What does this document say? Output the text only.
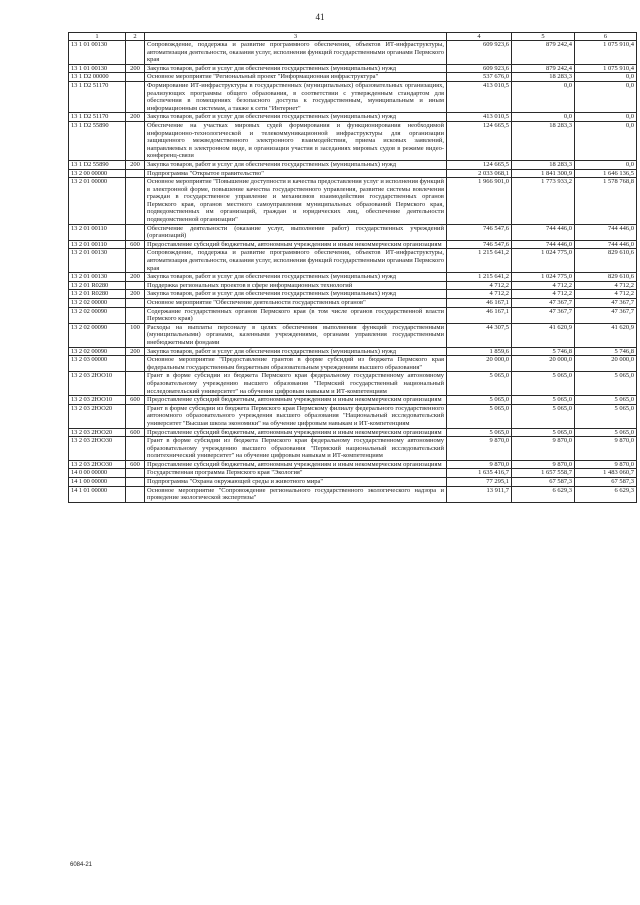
41
1	2	3	4	5	6
13 1 01 00130		Сопровождение, поддержка и развитие программного обеспечения, объектов ИТ-инфраструктуры, автоматизация деятельности, оказания услуг, исполнения функций государственными органами Пермского края	609 923,6	879 242,4	1 075 910,4
13 1 01 00130	200	Закупка товаров, работ и услуг для обеспечения государственных (муниципальных) нужд	609 923,6	879 242,4	1 075 910,4
13 1 D2 00000		Основное мероприятие "Региональный проект "Информационная инфраструктура"	537 676,0	18 283,3	0,0
13 1 D2 51170		Формирование ИТ-инфраструктуры в государственных (муниципальных) образовательных организациях, реализующих программы общего образования, в соответствии с утвержденным стандартом для обеспечения в помещениях безопасного доступа к государственным, муниципальным и иным информационным системам, а также к сети "Интернет"	413 010,5	0,0	0,0
13 1 D2 51170	200	Закупка товаров, работ и услуг для обеспечения государственных (муниципальных) нужд	413 010,5	0,0	0,0
13 1 D2 55890		Обеспечение на участках мировых судей формирования и функционирования необходимой информационно-технологической и телекоммуникационной инфраструктуры для организации защищенного межведомственного электронного взаимодействия, приема исковых заявлений, направляемых в электронном виде, и организации участия в заседаниях мировых судов в режиме видео-конференц-связи	124 665,5	18 283,3	0,0
13 1 D2 55890	200	Закупка товаров, работ и услуг для обеспечения государственных (муниципальных) нужд	124 665,5	18 283,3	0,0
13 2 00 00000		Подпрограмма "Открытое правительство"	2 033 068,1	1 841 300,9	1 646 136,5
13 2 01 00000		Основное мероприятие "Повышение доступности и качества предоставления услуг и исполнения функций в электронной форме, повышение качества государственного управления, развитие системы вовлечения граждан в государственное управление и механизмов взаимодействия государственных органов Пермского края, органов местного самоуправления муниципальных образований Пермского края, подведомственных им организаций, граждан и юридических лиц, обеспечение деятельности подведомственной организации"	1 966 901,0	1 773 933,2	1 578 768,8
13 2 01 00110		Обеспечение деятельности (оказание услуг, выполнение работ) государственных учреждений (организаций)	746 547,6	744 446,0	744 446,0
13 2 01 00110	600	Предоставление субсидий бюджетным, автономным учреждениям и иным некоммерческим организациям	746 547,6	744 446,0	744 446,0
13 2 01 00130		Сопровождение, поддержка и развитие программного обеспечения, объектов ИТ-инфраструктуры, автоматизация деятельности, оказания услуг, исполнения функций государственными органами Пермского края	1 215 641,2	1 024 775,0	829 610,6
13 2 01 00130	200	Закупка товаров, работ и услуг для обеспечения государственных (муниципальных) нужд	1 215 641,2	1 024 775,0	829 610,6
13 2 01 R0280		Поддержка региональных проектов в сфере информационных технологий	4 712,2	4 712,2	4 712,2
13 2 01 R0280	200	Закупка товаров, работ и услуг для обеспечения государственных (муниципальных) нужд	4 712,2	4 712,2	4 712,2
13 2 02 00000		Основное мероприятие "Обеспечение деятельности государственных органов"	46 167,1	47 367,7	47 367,7
13 2 02 00090		Содержание государственных органов Пермского края (в том числе органов государственной власти Пермского края)	46 167,1	47 367,7	47 367,7
13 2 02 00090	100	Расходы на выплаты персоналу в целях обеспечения выполнения функций государственными (муниципальными) органами, казенными учреждениями, органами управления государственными внебюджетными фондами	44 307,5	41 620,9	41 620,9
13 2 02 00090	200	Закупка товаров, работ и услуг для обеспечения государственных (муниципальных) нужд	1 859,6	5 746,8	5 746,8
13 2 03 00000		Основное мероприятие "Предоставление грантов в форме субсидий из бюджета Пермского края федеральным государственным бюджетным образовательным учреждениям высшего образования"	20 000,0	20 000,0	20 000,0
13 2 03 2ЮО10		Грант в форме субсидии из бюджета Пермского края федеральному государственному автономному образовательному учреждению высшего образования "Пермский государственный национальный исследовательский университет" на обучение цифровым навыкам и ИТ-компетенциям	5 065,0	5 065,0	5 065,0
13 2 03 2ЮО10	600	Предоставление субсидий бюджетным, автономным учреждениям и иным некоммерческим организациям	5 065,0	5 065,0	5 065,0
13 2 03 2ЮО20		Грант в форме субсидии из бюджета Пермского края Пермскому филиалу федерального государственного автономного образовательного учреждения высшего образования "Национальный исследовательский университет "Высшая школа экономики" на обучение цифровым навыкам и ИТ-компетенциям	5 065,0	5 065,0	5 065,0
13 2 03 2ЮО20	600	Предоставление субсидий бюджетным, автономным учреждениям и иным некоммерческим организациям	5 065,0	5 065,0	5 065,0
13 2 03 2ЮО30		Грант в форме субсидии из бюджета Пермского края федеральному государственному автономному образовательному учреждению высшего образования "Пермский национальный исследовательский политехнический университет" на обучение цифровым навыкам и ИТ-компетенциям	9 870,0	9 870,0	9 870,0
13 2 03 2ЮО30	600	Предоставление субсидий бюджетным, автономным учреждениям и иным некоммерческим организациям	9 870,0	9 870,0	9 870,0
14 0 00 00000		Государственная программа Пермского края "Экология"	1 635 416,7	1 657 558,7	1 483 060,7
14 1 00 00000		Подпрограмма "Охрана окружающей среды и животного мира"	77 295,1	67 587,3	67 587,3
14 1 01 00000		Основное мероприятие "Сопровождение регионального государственного экологического надзора и проведение экологической экспертизы"	13 911,7	6 629,3	6 629,3
6084-21
